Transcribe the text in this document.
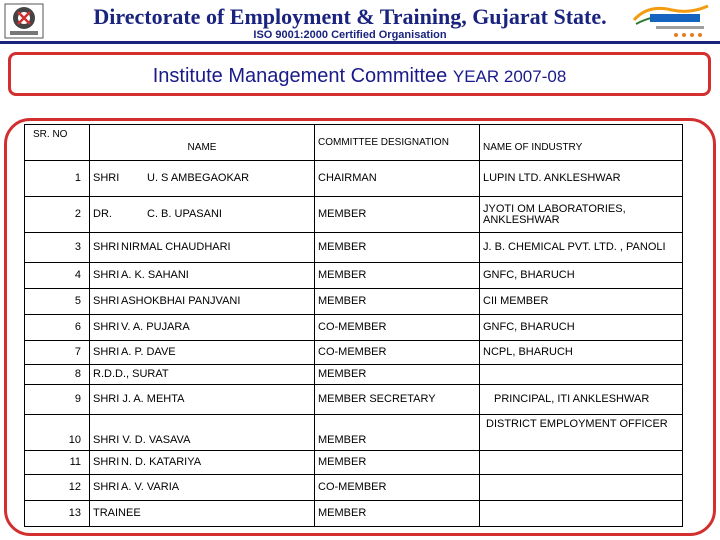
Directorate of Employment & Training, Gujarat State.
ISO 9001:2000 Certified Organisation
Institute Management Committee YEAR 2007-08
SR. NO	NAME	COMMITTEE DESIGNATION	NAME OF INDUSTRY
1	SHRI U. S AMBEGAOKAR	CHAIRMAN	LUPIN LTD. ANKLESHWAR
2	DR. C. B. UPASANI	MEMBER	JYOTI OM LABORATORIES, ANKLESHWAR
3	SHRI NIRMAL CHAUDHARI	MEMBER	J. B. CHEMICAL PVT. LTD. , PANOLI
4	SHRI A. K. SAHANI	MEMBER	GNFC, BHARUCH
5	SHRI ASHOKBHAI PANJVANI	MEMBER	CII MEMBER
6	SHRI V. A. PUJARA	CO-MEMBER	GNFC, BHARUCH
7	SHRI A. P. DAVE	CO-MEMBER	NCPL, BHARUCH
8	R.D.D., SURAT	MEMBER	
9	SHRI J. A. MEHTA	MEMBER SECRETARY	PRINCIPAL, ITI ANKLESHWAR
10	SHRI V. D. VASAVA	MEMBER	DISTRICT EMPLOYMENT OFFICER
11	SHRI N. D. KATARIYA	MEMBER	
12	SHRI A. V. VARIA	CO-MEMBER	
13	TRAINEE	MEMBER	
